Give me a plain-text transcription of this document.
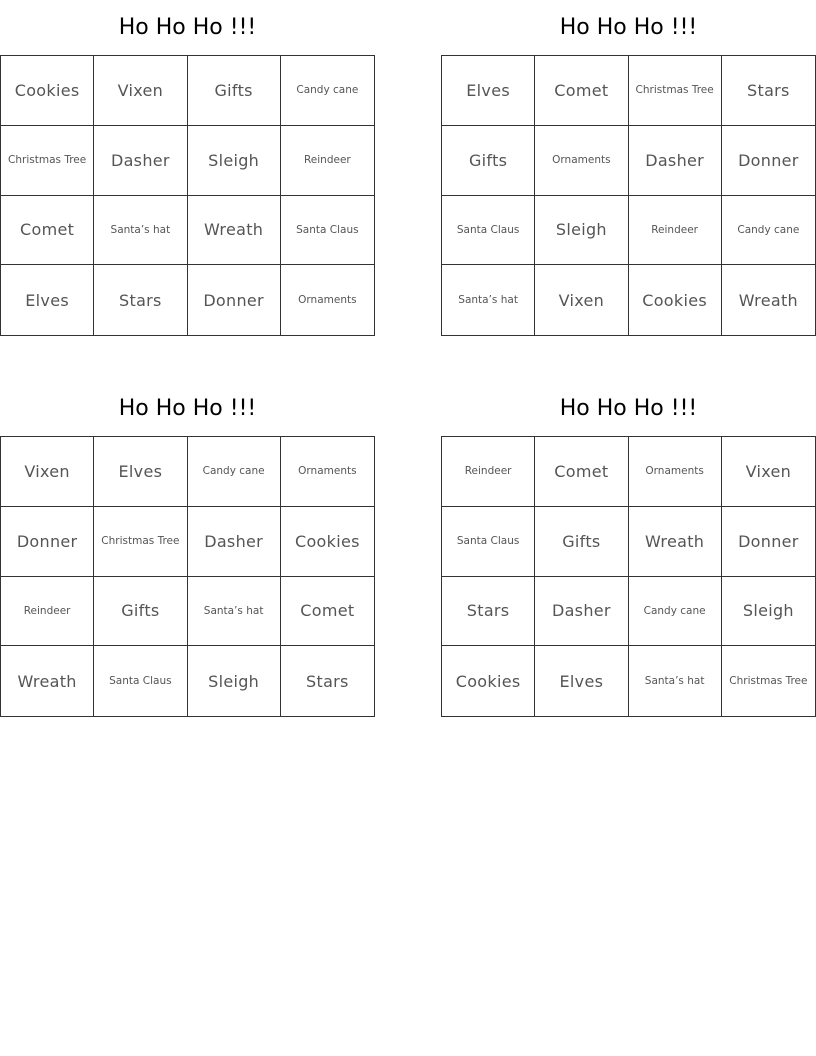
Ho Ho Ho !!!
Cookies	Vixen	Gifts	Candy cane
Christmas Tree	Dasher	Sleigh	Reindeer
Comet	Santa’s hat	Wreath	Santa Claus
Elves	Stars	Donner	Ornaments
Ho Ho Ho !!!
Elves	Comet	Christmas Tree	Stars
Gifts	Ornaments	Dasher	Donner
Santa Claus	Sleigh	Reindeer	Candy cane
Santa’s hat	Vixen	Cookies	Wreath
Ho Ho Ho !!!
Vixen	Elves	Candy cane	Ornaments
Donner	Christmas Tree	Dasher	Cookies
Reindeer	Gifts	Santa’s hat	Comet
Wreath	Santa Claus	Sleigh	Stars
Ho Ho Ho !!!
Reindeer	Comet	Ornaments	Vixen
Santa Claus	Gifts	Wreath	Donner
Stars	Dasher	Candy cane	Sleigh
Cookies	Elves	Santa’s hat	Christmas Tree
